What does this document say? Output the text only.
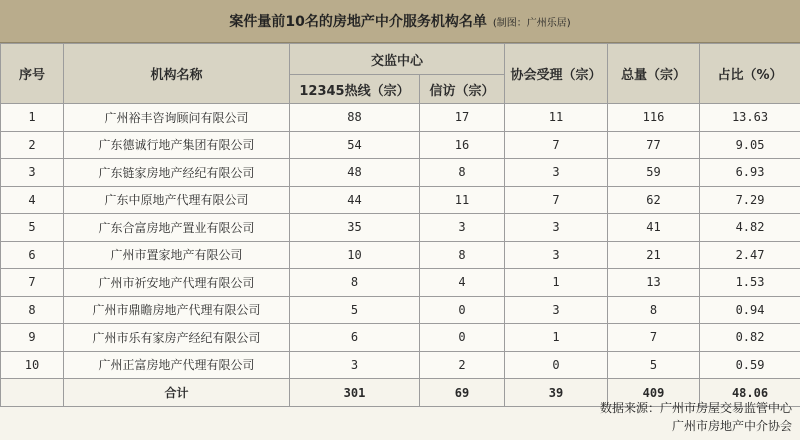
案件量前10名的房地产中介服务机构名单 (制图：广州乐居)
序号	机构名称	交监中心		协会受理（宗）	总量（宗）	占比（%）
		12345热线（宗）	信访（宗）			
1	广州裕丰咨询顾问有限公司	88	17	11	116	13.63
2	广东德诚行地产集团有限公司	54	16	7	77	9.05
3	广东链家房地产经纪有限公司	48	8	3	59	6.93
4	广东中原地产代理有限公司	44	11	7	62	7.29
5	广东合富房地产置业有限公司	35	3	3	41	4.82
6	广州市置家地产有限公司	10	8	3	21	2.47
7	广州市祈安地产代理有限公司	8	4	1	13	1.53
8	广州市鼎瞻房地产代理有限公司	5	0	3	8	0.94
9	广州市乐有家房产经纪有限公司	6	0	1	7	0.82
10	广州正富房地产代理有限公司	3	2	0	5	0.59
	合计	301	69	39	409	48.06
数据来源：广州市房屋交易监管中心
广州市房地产中介协会
